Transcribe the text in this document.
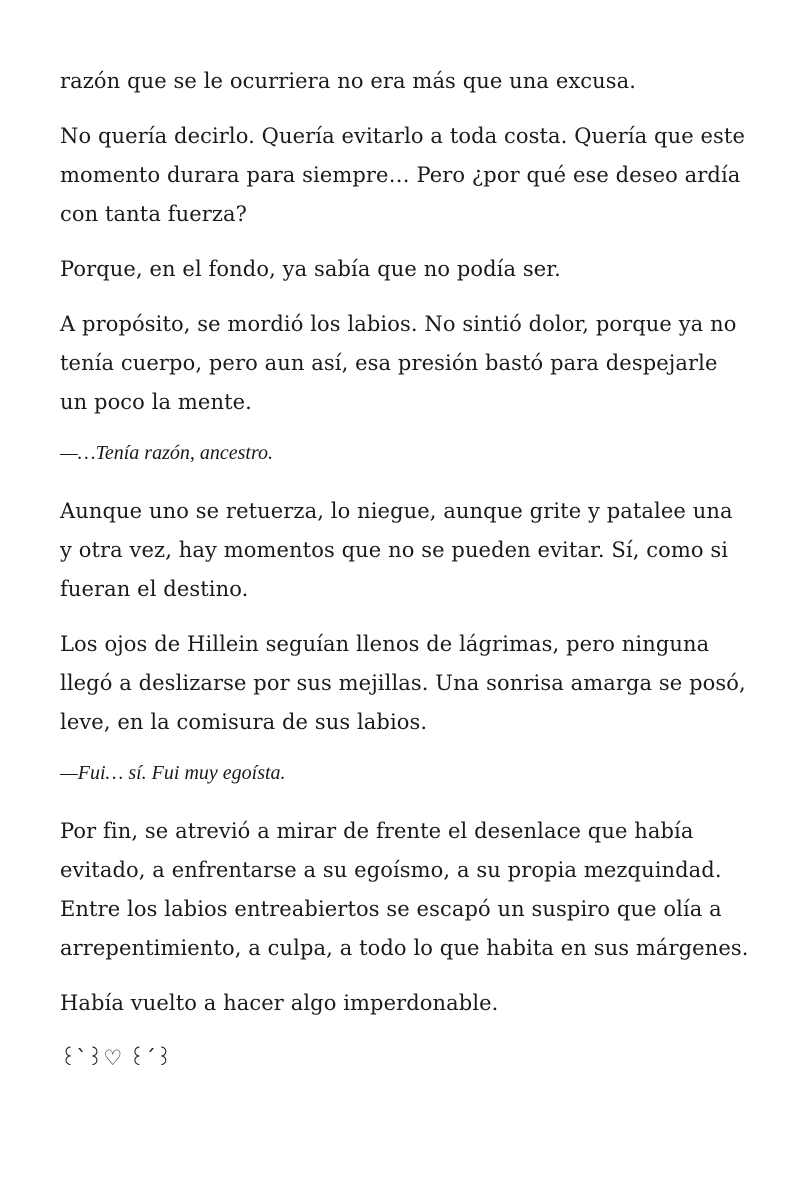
razón que se le ocurriera no era más que una excusa.

No quería decirlo. Quería evitarlo a toda costa. Quería que este momento durara para siempre… Pero ¿por qué ese deseo ardía con tanta fuerza?

Porque, en el fondo, ya sabía que no podía ser.

A propósito, se mordió los labios. No sintió dolor, porque ya no tenía cuerpo, pero aun así, esa presión bastó para despejarle un poco la mente.

—…Tenía razón, ancestro.

Aunque uno se retuerza, lo niegue, aunque grite y patalee una y otra vez, hay momentos que no se pueden evitar. Sí, como si fueran el destino.

Los ojos de Hillein seguían llenos de lágrimas, pero ninguna llegó a deslizarse por sus mejillas. Una sonrisa amarga se posó, leve, en la comisura de sus labios.

—Fui… sí. Fui muy egoísta.

Por fin, se atrevió a mirar de frente el desenlace que había evitado, a enfrentarse a su egoísmo, a su propia mezquindad. Entre los labios entreabiertos se escapó un suspiro que olía a arrepentimiento, a culpa, a todo lo que habita en sus márgenes.

Había vuelto a hacer algo imperdonable.

꒰`꒱♡ ꒰´꒱
